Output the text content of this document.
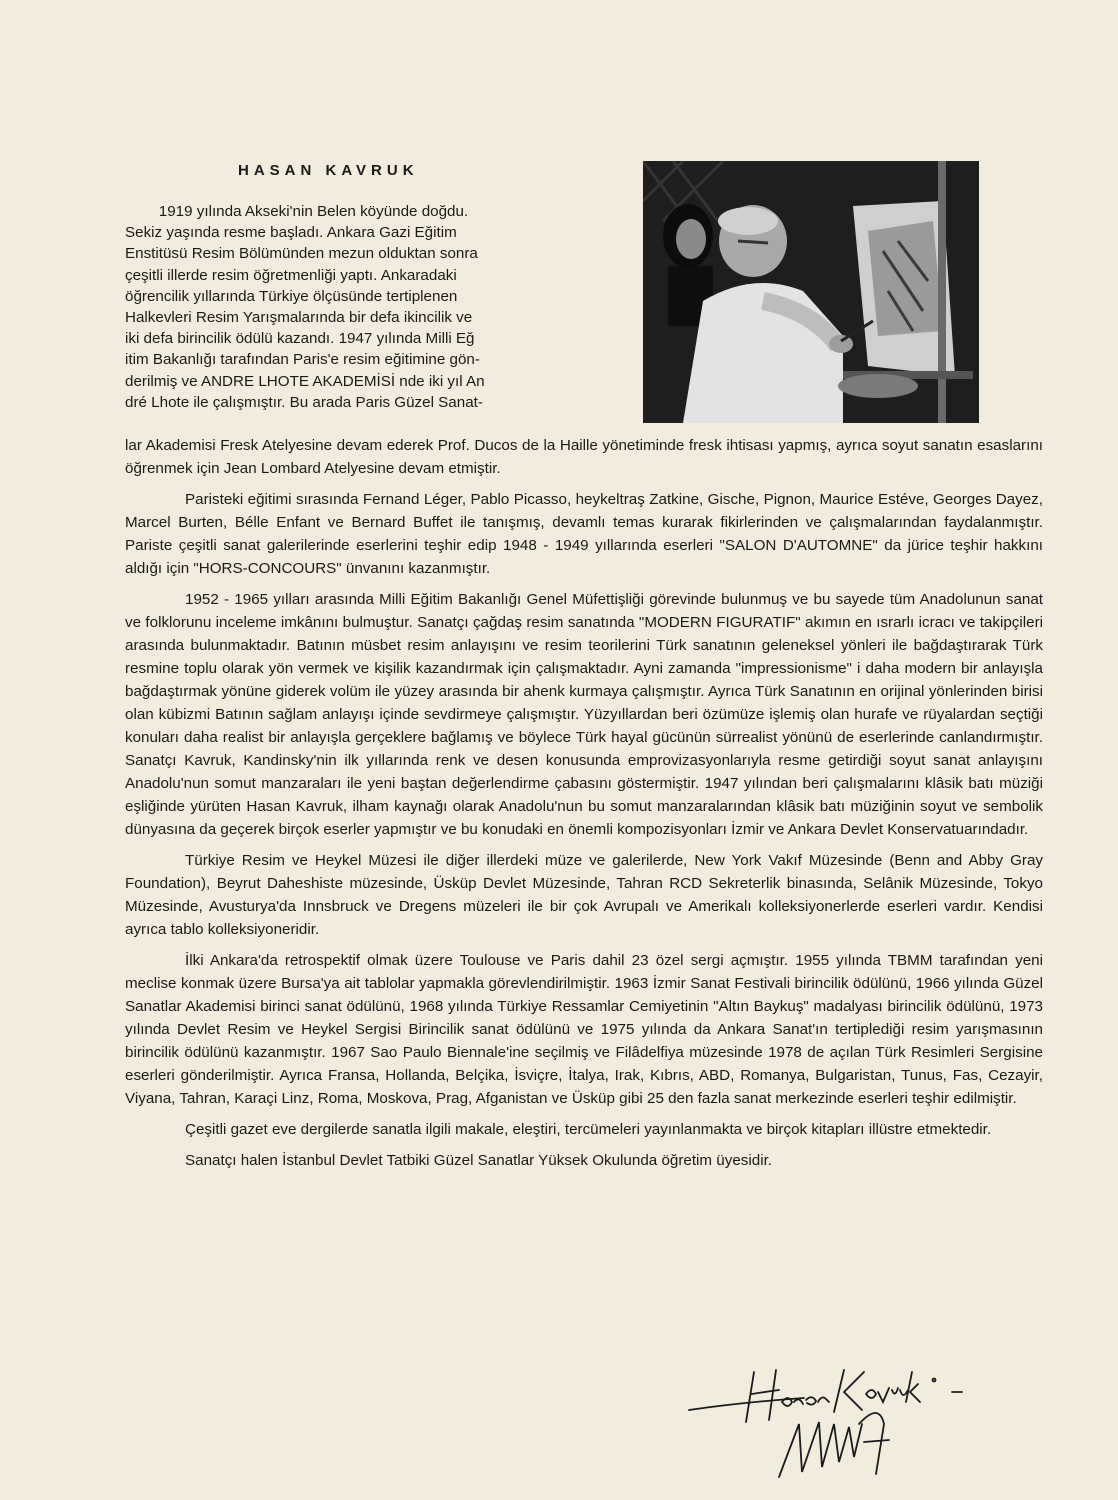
HASAN KAVRUK

1919 yılında Akseki'nin Belen köyünde doğdu.

Sekiz yaşında resme başladı. Ankara Gazi Eğitim

Enstitüsü Resim Bölümünden mezun olduktan sonra

çeşitli illerde resim öğretmenliği yaptı. Ankaradaki

öğrencilik yıllarında Türkiye ölçüsünde tertiplenen

Halkevleri Resim Yarışmalarında bir defa ikincilik ve

iki defa birincilik ödülü kazandı. 1947 yılında Milli Eğ

itim Bakanlığı tarafından Paris'e resim eğitimine gön-

derilmiş ve ANDRE LHOTE AKADEMİSİ nde iki yıl An

dré Lhote ile çalışmıştır. Bu arada Paris Güzel Sanat-

lar Akademisi Fresk Atelyesine devam ederek Prof. Ducos de la Haille yönetiminde fresk ihtisası yapmış, ayrıca soyut sanatın esaslarını öğrenmek için Jean Lombard Atelyesine devam etmiştir.

Paristeki eğitimi sırasında Fernand Léger, Pablo Picasso, heykeltraş Zatkine, Gische, Pignon, Maurice Estéve, Georges Dayez, Marcel Burten, Bélle Enfant ve Bernard Buffet ile tanışmış, devamlı temas kurarak fikirlerinden ve çalışmalarından faydalanmıştır. Pariste çeşitli sanat galerilerinde eserlerini teşhir edip 1948 - 1949 yıllarında eserleri "SALON D'AUTOMNE" da jürice teşhir hakkını aldığı için "HORS-CONCOURS" ünvanını kazanmıştır.

1952 - 1965 yılları arasında Milli Eğitim Bakanlığı Genel Müfettişliği görevinde bulunmuş ve bu sayede tüm Anadolunun sanat ve folklorunu inceleme imkânını bulmuştur. Sanatçı çağdaş resim sanatında "MODERN FIGURATIF" akımın en ısrarlı icracı ve takipçileri arasında bulunmaktadır. Batının müsbet resim anlayışını ve resim teorilerini Türk sanatının geleneksel yönleri ile bağdaştırarak Türk resmine toplu olarak yön vermek ve kişilik kazandırmak için çalışmaktadır. Ayni zamanda "impressionisme" i daha modern bir anlayışla bağdaştırmak yönüne giderek volüm ile yüzey arasında bir ahenk kurmaya çalışmıştır. Ayrıca Türk Sanatının en orijinal yönlerinden birisi olan kübizmi Batının sağlam anlayışı içinde sevdirmeye çalışmıştır. Yüzyıllardan beri özümüze işlemiş olan hurafe ve rüyalardan seçtiği konuları daha realist bir anlayışla gerçeklere bağlamış ve böylece Türk hayal gücünün sürrealist yönünü de eserlerinde canlandırmıştır. Sanatçı Kavruk, Kandinsky'nin ilk yıllarında renk ve desen konusunda emprovizasyonlarıyla resme getirdiği soyut sanat anlayışını Anadolu'nun somut manzaraları ile yeni baştan değerlendirme çabasını göstermiştir. 1947 yılından beri çalışmalarını klâsik batı müziği eşliğinde yürüten Hasan Kavruk, ilham kaynağı olarak Anadolu'nun bu somut manzaralarından klâsik batı müziğinin soyut ve sembolik dünyasına da geçerek birçok eserler yapmıştır ve bu konudaki en önemli kompozisyonları İzmir ve Ankara Devlet Konservatuarındadır.

Türkiye Resim ve Heykel Müzesi ile diğer illerdeki müze ve galerilerde, New York Vakıf Müzesinde (Benn and Abby Gray Foundation), Beyrut Daheshiste müzesinde, Üsküp Devlet Müzesinde, Tahran RCD Sekreterlik binasında, Selânik Müzesinde, Tokyo Müzesinde, Avusturya'da Innsbruck ve Dregens müzeleri ile bir çok Avrupalı ve Amerikalı kolleksiyonerlerde eserleri vardır. Kendisi ayrıca tablo kolleksiyoneridir.

İlki Ankara'da retrospektif olmak üzere Toulouse ve Paris dahil 23 özel sergi açmıştır. 1955 yılında TBMM tarafından yeni meclise konmak üzere Bursa'ya ait tablolar yapmakla görevlendirilmiştir. 1963 İzmir Sanat Festivali birincilik ödülünü, 1966 yılında Güzel Sanatlar Akademisi birinci sanat ödülünü, 1968 yılında Türkiye Ressamlar Cemiyetinin "Altın Baykuş" madalyası birincilik ödülünü, 1973 yılında Devlet Resim ve Heykel Sergisi Birincilik sanat ödülünü ve 1975 yılında da Ankara Sanat'ın tertiplediği resim yarışmasının birincilik ödülünü kazanmıştır. 1967 Sao Paulo Biennale'ine seçilmiş ve Filâdelfiya müzesinde 1978 de açılan Türk Resimleri Sergisine eserleri gönderilmiştir. Ayrıca Fransa, Hollanda, Belçika, İsviçre, İtalya, Irak, Kıbrıs, ABD, Romanya, Bulgaristan, Tunus, Fas, Cezayir, Viyana, Tahran, Karaçi Linz, Roma, Moskova, Prag, Afganistan ve Üsküp gibi 25 den fazla sanat merkezinde eserleri teşhir edilmiştir.

Çeşitli gazet eve dergilerde sanatla ilgili makale, eleştiri, tercümeleri yayınlanmakta ve birçok kitapları illüstre etmektedir.

Sanatçı halen İstanbul Devlet Tatbiki Güzel Sanatlar Yüksek Okulunda öğretim üyesidir.
